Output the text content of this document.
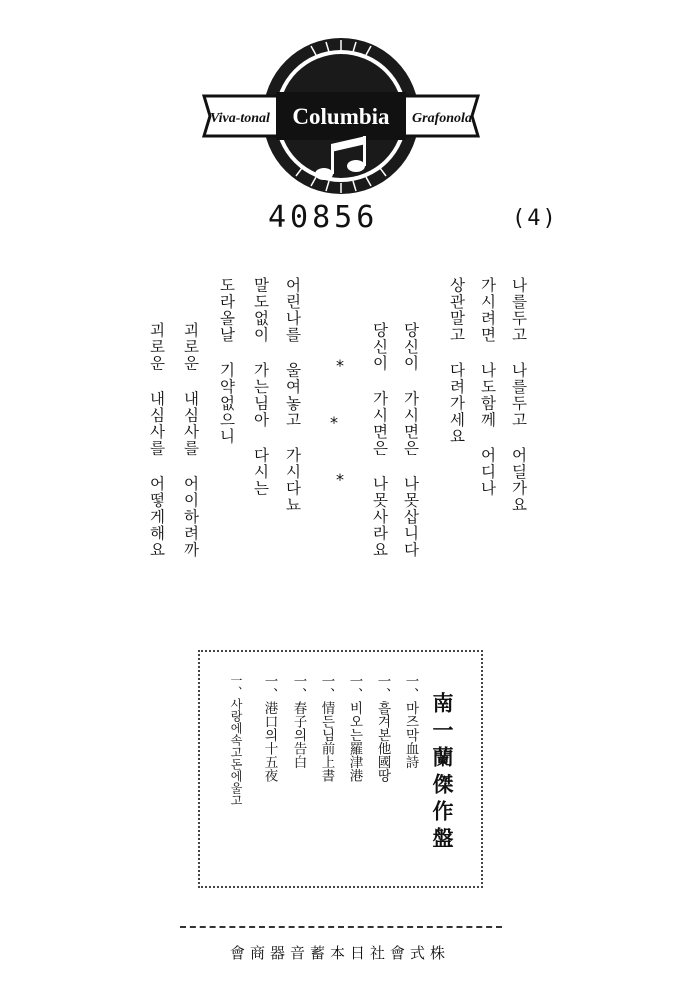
Columbia
Viva-tonal	Grafonola
40856	(4)
나를두고 나를두고 어딜가요
가시려면 나도함께 어디나
상관말고 다려가세요
당신이 가시면은 나못삽니다
당신이 가시면은 나못사라요
*
*
*
어린나를 울여놓고 가시다뇨
말도없이 가는님아 다시는
도라올날 기약없으니
괴로운 내심사를 어이하려까
괴로운 내심사를 어떻게해요
南一蘭傑作盤
一、마즈막血詩
一、흘겨본他國땅
一、비오는羅津港
一、情든님前上書
一、春子의告白
一、港口의十五夜
一、사랑에속고돈에울고
會商器音蓄本日社會式株
